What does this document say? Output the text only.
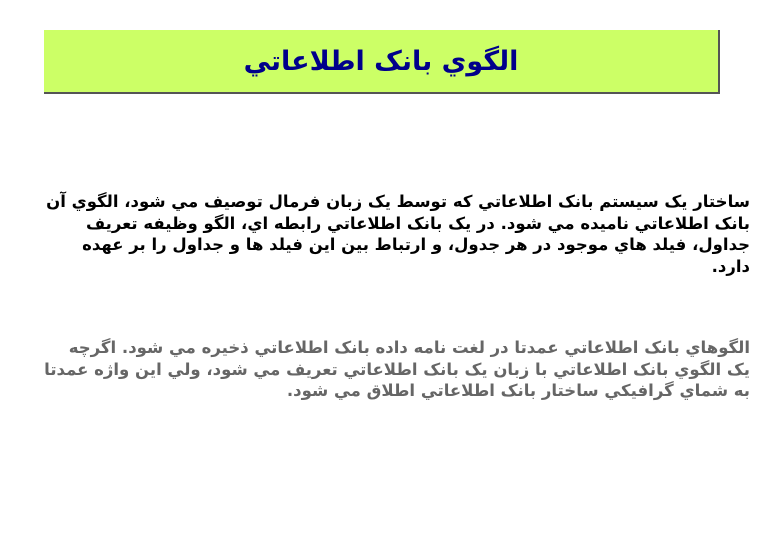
الگوي بانک اطلاعاتي

ساختار يک سيستم بانک اطلاعاتي که توسط يک زبان فرمال توصيف مي شود، الگوي آن بانک اطلاعاتي ناميده مي شود. در يک بانک اطلاعاتي رابطه اي، الگو وظيفه تعريف جداول، فيلد هاي موجود در هر جدول، و ارتباط بين اين فيلد ها و جداول را بر عهده دارد.

الگوهاي بانک اطلاعاتي عمدتا در لغت نامه داده بانک اطلاعاتي ذخيره مي شود. اگرچه يک الگوي بانک اطلاعاتي با زبان يک بانک اطلاعاتي تعريف مي شود، ولي اين واژه عمدتا به شماي گرافيکي ساختار بانک اطلاعاتي اطلاق مي شود.
